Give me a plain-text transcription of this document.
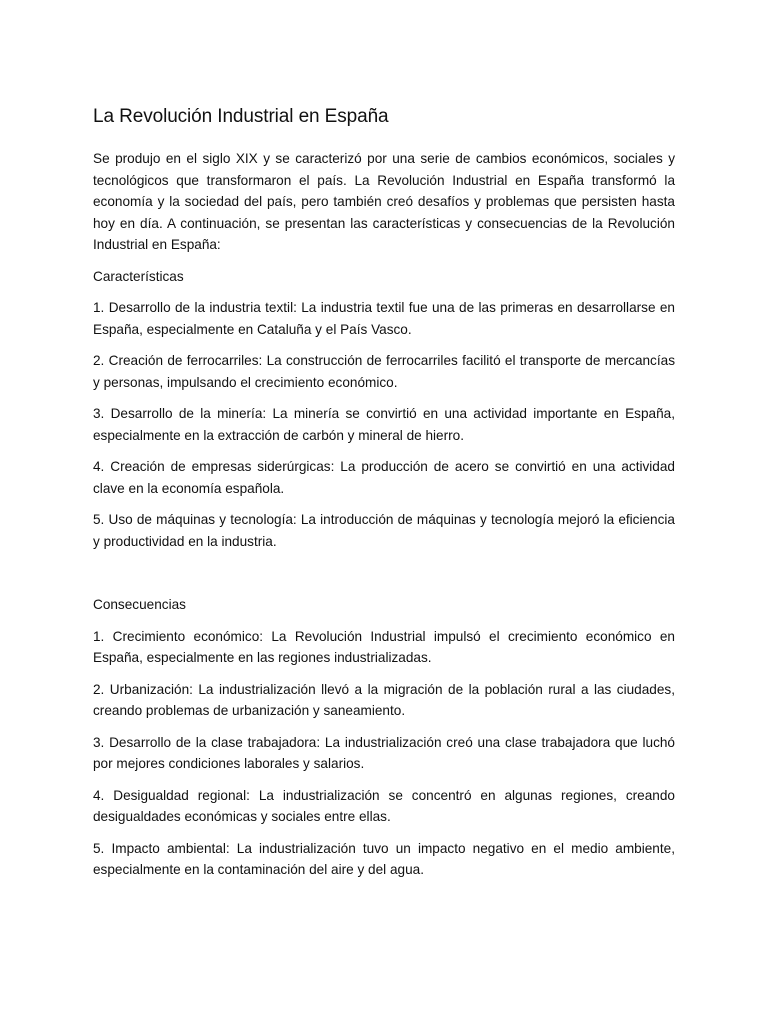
La Revolución Industrial en España

Se produjo en el siglo XIX y se caracterizó por una serie de cambios económicos, sociales y tecnológicos que transformaron el país. La Revolución Industrial en España transformó la economía y la sociedad del país, pero también creó desafíos y problemas que persisten hasta hoy en día. A continuación, se presentan las características y consecuencias de la Revolución Industrial en España:

Características

1. Desarrollo de la industria textil: La industria textil fue una de las primeras en desarrollarse en España, especialmente en Cataluña y el País Vasco.

2. Creación de ferrocarriles: La construcción de ferrocarriles facilitó el transporte de mercancías y personas, impulsando el crecimiento económico.

3. Desarrollo de la minería: La minería se convirtió en una actividad importante en España, especialmente en la extracción de carbón y mineral de hierro.

4. Creación de empresas siderúrgicas: La producción de acero se convirtió en una actividad clave en la economía española.

5. Uso de máquinas y tecnología: La introducción de máquinas y tecnología mejoró la eficiencia y productividad en la industria.

Consecuencias

1. Crecimiento económico: La Revolución Industrial impulsó el crecimiento económico en España, especialmente en las regiones industrializadas.

2. Urbanización: La industrialización llevó a la migración de la población rural a las ciudades, creando problemas de urbanización y saneamiento.

3. Desarrollo de la clase trabajadora: La industrialización creó una clase trabajadora que luchó por mejores condiciones laborales y salarios.

4. Desigualdad regional: La industrialización se concentró en algunas regiones, creando desigualdades económicas y sociales entre ellas.

5. Impacto ambiental: La industrialización tuvo un impacto negativo en el medio ambiente, especialmente en la contaminación del aire y del agua.
